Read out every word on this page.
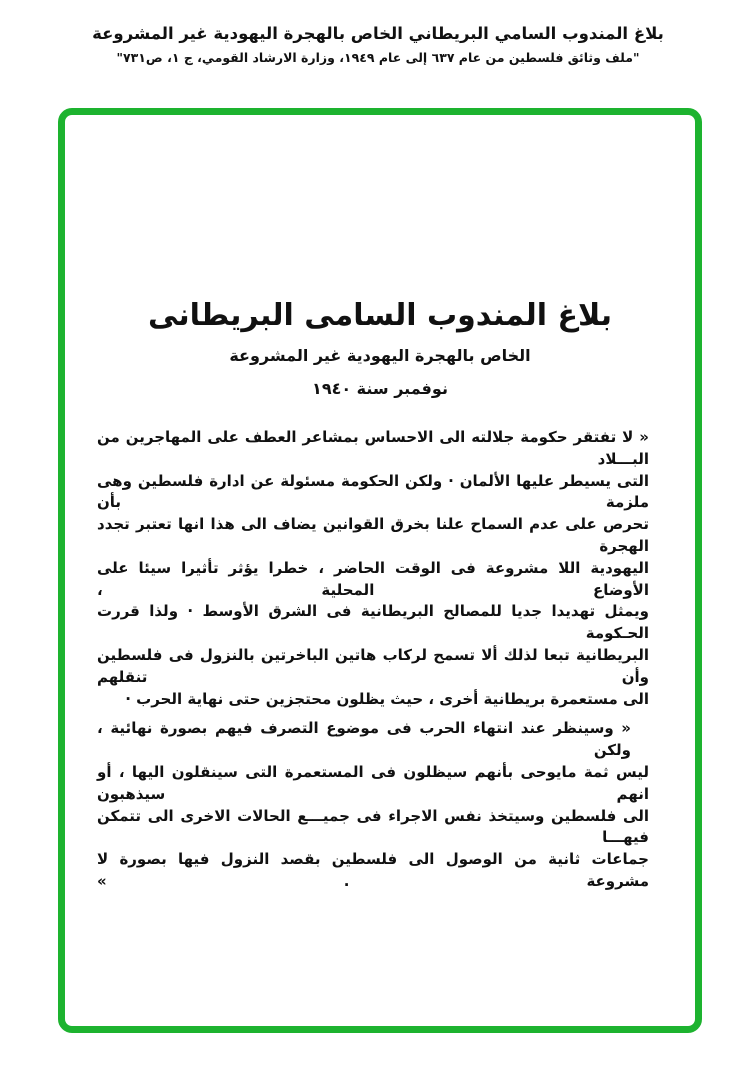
بلاغ المندوب السامي البريطاني الخاص بالهجرة اليهودية غير المشروعة
"ملف وثائق فلسطين من عام ٦٣٧ إلى عام ١٩٤٩، وزارة الارشاد القومي، ج ١، ص٧٣١"
بلاغ المندوب السامى البريطانى
الخاص بالهجرة اليهودية غير المشروعة
نوفمبر سنة ١٩٤٠
« لا تفتقر حكومة جلالته الى الاحساس بمشاعر العطف على المهاجرين من البـــلاد
التى يسيطر عليها الألمان · ولكن الحكومة مسئولة عن ادارة فلسطين وهى ملزمة بأن
تحرص على عدم السماح علنا بخرق القوانين يضاف الى هذا انها تعتبر تجدد الهجرة
اليهودية اللا مشروعة فى الوقت الحاضر ، خطرا يؤثر تأثيرا سيئا على الأوضاع المحلية ،
ويمثل تهديدا جديا للمصالح البريطانية فى الشرق الأوسط · ولذا قررت الحـكومة
البريطانية تبعا لذلك ألا تسمح لركاب هاتين الباخرتين بالنزول فى فلسطين وأن تنقلهم
الى مستعمرة بريطانية أخرى ، حيث يظلون محتجزين حتى نهاية الحرب ·
« وسينظر عند انتهاء الحرب فى موضوع التصرف فيهم بصورة نهائية ، ولكن
ليس ثمة مايوحى بأنهم سيظلون فى المستعمرة التى سينقلون اليها ، أو انهم سيذهبون
الى فلسطين وسيتخذ نفس الاجراء فى جميـــع الحالات الاخرى الى تتمكن فيهـــا
جماعات ثانية من الوصول الى فلسطين بقصد النزول فيها بصورة لا مشروعة . »
